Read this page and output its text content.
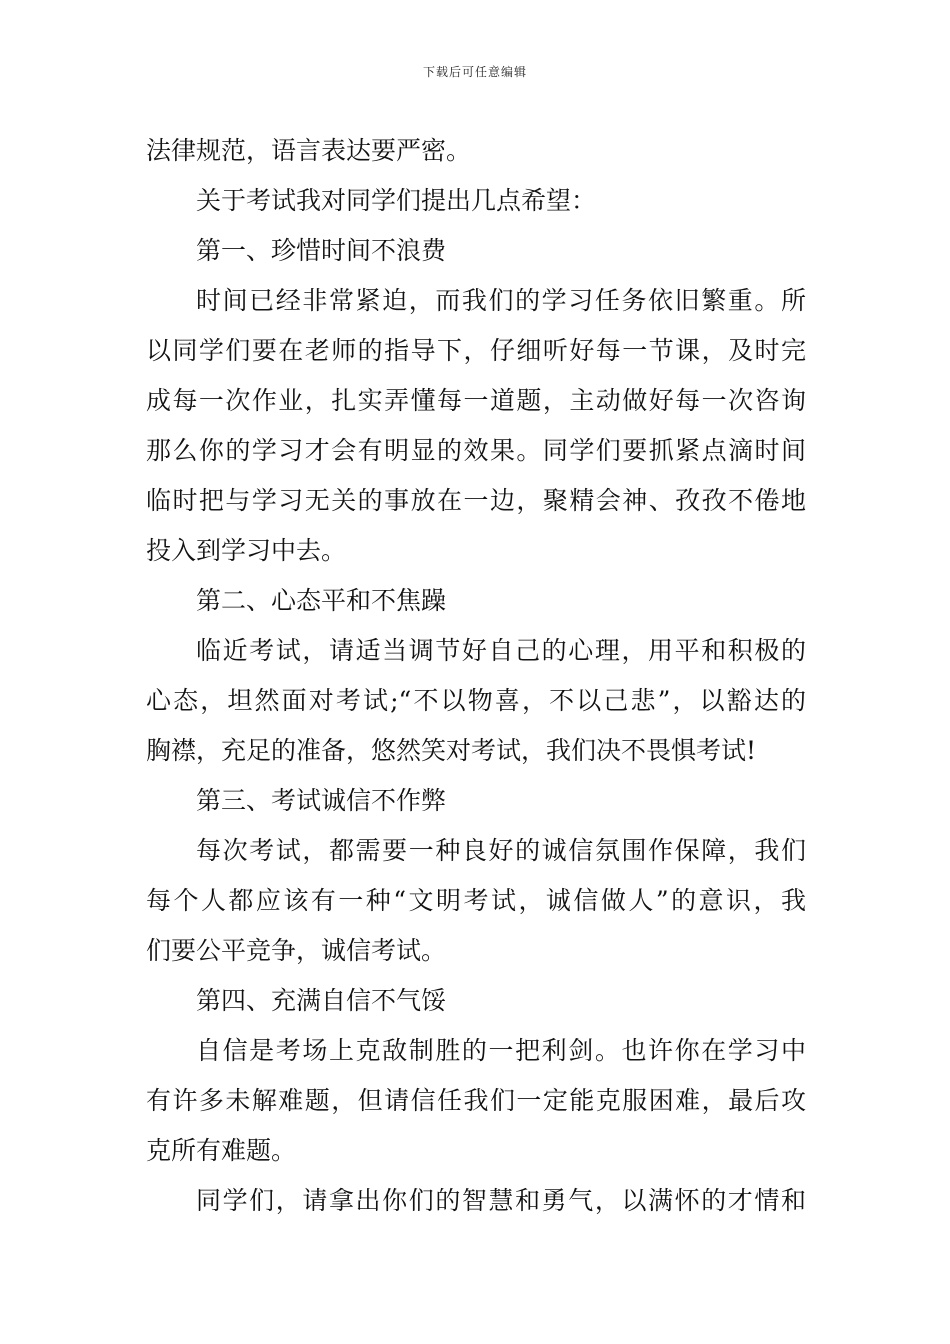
下载后可任意编辑
法律规范，语言表达要严密。
关于考试我对同学们提出几点希望：
第一、珍惜时间不浪费
时间已经非常紧迫，而我们的学习任务依旧繁重。所
以同学们要在老师的指导下，仔细听好每一节课，及时完
成每一次作业，扎实弄懂每一道题，主动做好每一次咨询
那么你的学习才会有明显的效果。同学们要抓紧点滴时间
临时把与学习无关的事放在一边，聚精会神、孜孜不倦地
投入到学习中去。
第二、心态平和不焦躁
临近考试，请适当调节好自己的心理，用平和积极的
心态，坦然面对考试;“不以物喜，不以己悲”，以豁达的
胸襟，充足的准备，悠然笑对考试，我们决不畏惧考试!
第三、考试诚信不作弊
每次考试，都需要一种良好的诚信氛围作保障，我们
每个人都应该有一种“文明考试，诚信做人”的意识，我
们要公平竞争，诚信考试。
第四、充满自信不气馁
自信是考场上克敌制胜的一把利剑。也许你在学习中
有许多未解难题，但请信任我们一定能克服困难，最后攻
克所有难题。
同学们，请拿出你们的智慧和勇气，以满怀的才情和
